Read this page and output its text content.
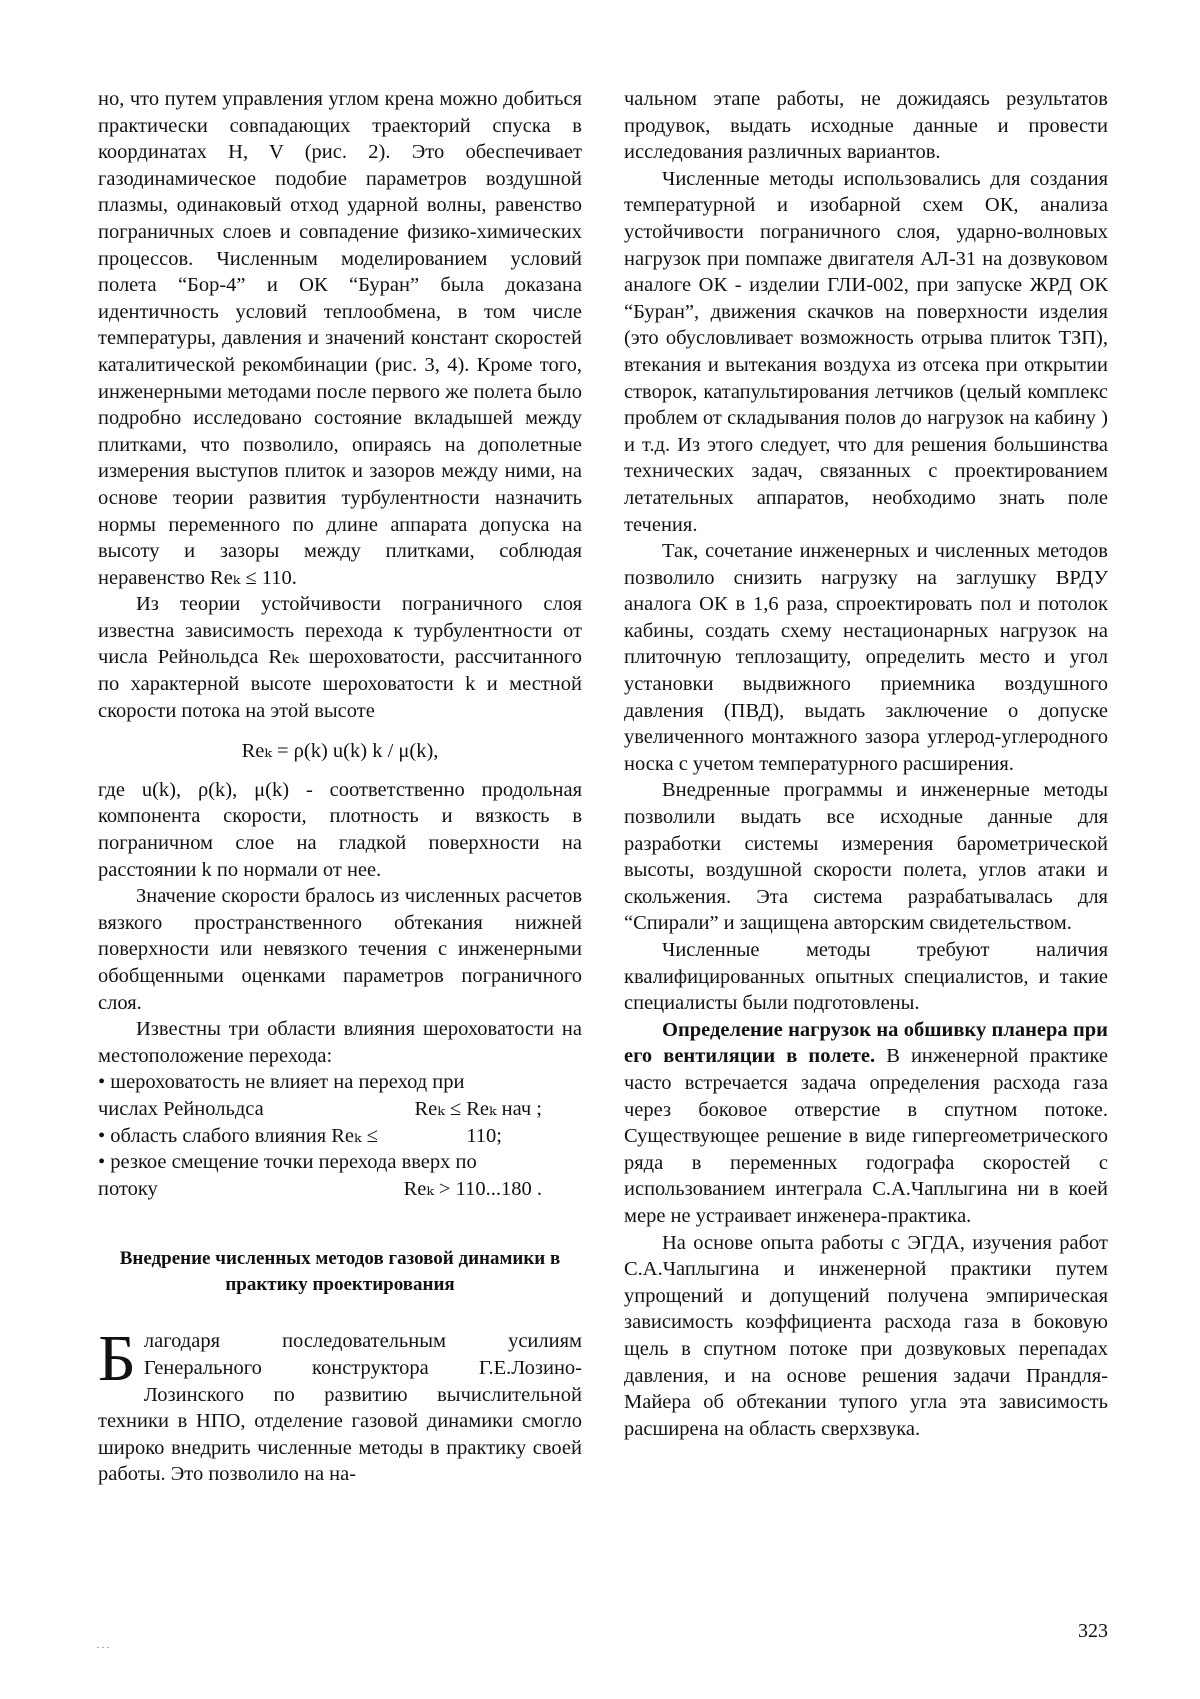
но, что путем управления углом крена можно добиться практически совпадающих траекторий спуска в координатах H, V (рис. 2). Это обеспечивает газодинамическое подобие параметров воздушной плазмы, одинаковый отход ударной волны, равенство пограничных слоев и совпадение физико-химических процессов. Численным моделированием условий полета “Бор-4” и ОК “Буран” была доказана идентичность условий теплообмена, в том числе температуры, давления и значений констант скоростей каталитической рекомбинации (рис. 3, 4). Кроме того, инженерными методами после первого же полета было подробно исследовано состояние вкладышей между плитками, что позволило, опираясь на дополетные измерения выступов плиток и зазоров между ними, на основе теории развития турбулентности назначить нормы переменного по длине аппарата допуска на высоту и зазоры между плитками, соблюдая неравенство Reₖ ≤ 110.

Из теории устойчивости пограничного слоя известна зависимость перехода к турбулентности от числа Рейнольдса Reₖ шероховатости, рассчитанного по характерной высоте шероховатости k и местной скорости потока на этой высоте

Reₖ = ρ(k) u(k) k / μ(k),

где u(k), ρ(k), μ(k) - соответственно продольная компонента скорости, плотность и вязкость в пограничном слое на гладкой поверхности на расстоянии k по нормали от нее.

Значение скорости бралось из численных расчетов вязкого пространственного обтекания нижней поверхности или невязкого течения с инженерными обобщенными оценками параметров пограничного слоя.

Известны три области влияния шероховатости на местоположение перехода:

• шероховатость не влияет на переход при

числах Рейнольдса	Reₖ ≤ Reₖ нач ;
• область слабого влияния Reₖ ≤	110;

• резкое смещение точки перехода вверх по

потоку	Reₖ > 110...180 .

Внедрение численных методов газовой динамики в практику проектирования

Благодаря последовательным усилиям Генерального конструктора Г.Е.Лозино-Лозинского по развитию вычислительной техники в НПО, отделение газовой динамики смогло широко внедрить численные методы в практику своей работы. Это позволило на на-

чальном этапе работы, не дожидаясь результатов продувок, выдать исходные данные и провести исследования различных вариантов.

Численные методы использовались для создания температурной и изобарной схем ОК, анализа устойчивости пограничного слоя, ударно-волновых нагрузок при помпаже двигателя АЛ-31 на дозвуковом аналоге ОК - изделии ГЛИ-002, при запуске ЖРД ОК “Буран”, движения скачков на поверхности изделия (это обусловливает возможность отрыва плиток ТЗП), втекания и вытекания воздуха из отсека при открытии створок, катапультирования летчиков (целый комплекс проблем от складывания полов до нагрузок на кабину ) и т.д. Из этого следует, что для решения большинства технических задач, связанных с проектированием летательных аппаратов, необходимо знать поле течения.

Так, сочетание инженерных и численных методов позволило снизить нагрузку на заглушку ВРДУ аналога ОК в 1,6 раза, спроектировать пол и потолок кабины, создать схему нестационарных нагрузок на плиточную теплозащиту, определить место и угол установки выдвижного приемника воздушного давления (ПВД), выдать заключение о допуске увеличенного монтажного зазора углерод-углеродного носка с учетом температурного расширения.

Внедренные программы и инженерные методы позволили выдать все исходные данные для разработки системы измерения барометрической высоты, воздушной скорости полета, углов атаки и скольжения. Эта система разрабатывалась для “Спирали” и защищена авторским свидетельством.

Численные методы требуют наличия квалифицированных опытных специалистов, и такие специалисты были подготовлены.

Определение нагрузок на обшивку планера при его вентиляции в полете. В инженерной практике часто встречается задача определения расхода газа через боковое отверстие в спутном потоке. Существующее решение в виде гипергеометрического ряда в переменных годографа скоростей с использованием интеграла С.А.Чаплыгина ни в коей мере не устраивает инженера-практика.

На основе опыта работы с ЭГДА, изучения работ С.А.Чаплыгина и инженерной практики путем упрощений и допущений получена эмпирическая зависимость коэффициента расхода газа в боковую щель в спутном потоке при дозвуковых перепадах давления, и на основе решения задачи Прандля-Майера об обтекании тупого угла эта зависимость расширена на область сверхзвука.

323
...
